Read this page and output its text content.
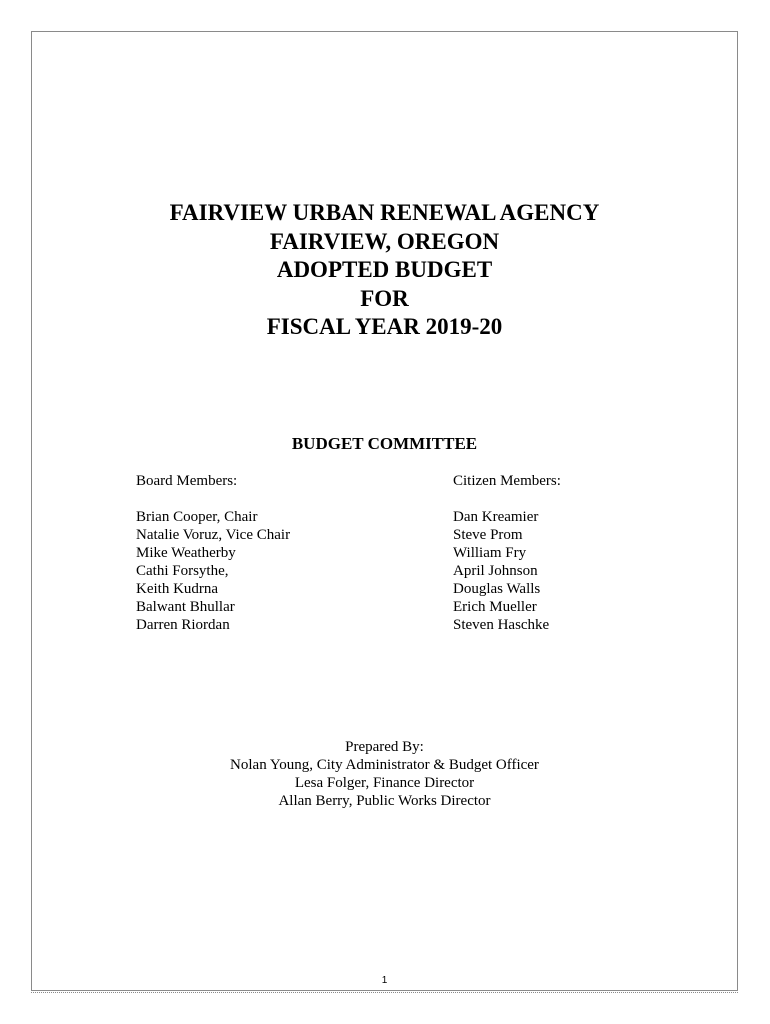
FAIRVIEW URBAN RENEWAL AGENCY
FAIRVIEW, OREGON
ADOPTED BUDGET
FOR
FISCAL YEAR 2019-20
BUDGET COMMITTEE
Board Members:
Brian Cooper, Chair
Natalie Voruz, Vice Chair
Mike Weatherby
Cathi Forsythe,
Keith Kudrna
Balwant Bhullar
Darren Riordan
Citizen Members:
Dan Kreamier
Steve Prom
William Fry
April Johnson
Douglas Walls
Erich Mueller
Steven Haschke
Prepared By:
Nolan Young, City Administrator & Budget Officer
Lesa Folger, Finance Director
Allan Berry, Public Works Director
1
